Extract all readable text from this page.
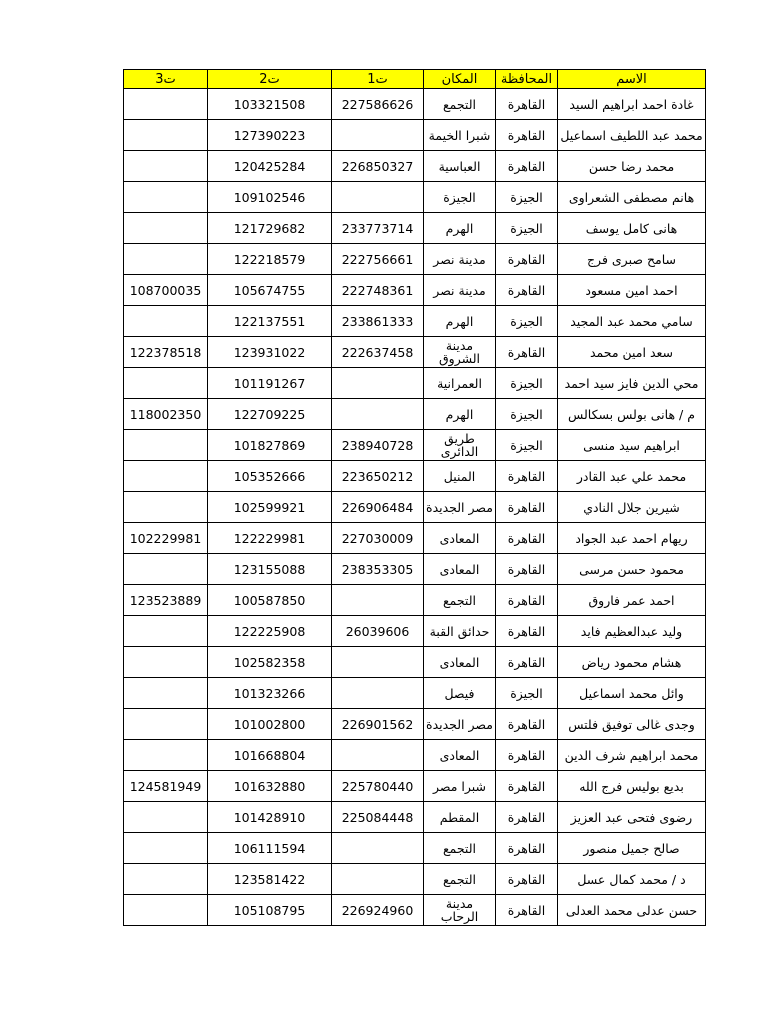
ت3	ت2	ت1	المكان	المحافظة	الاسم
	103321508	227586626	التجمع	القاهرة	غادة احمد ابراهيم السيد
	127390223		شبرا الخيمة	القاهرة	محمد عبد اللطيف اسماعيل
	120425284	226850327	العباسية	القاهرة	محمد رضا حسن
	109102546		الجيزة	الجيزة	هانم مصطفى الشعراوى
	121729682	233773714	الهرم	الجيزة	هانى كامل يوسف
	122218579	222756661	مدينة نصر	القاهرة	سامح صبرى فرج
108700035	105674755	222748361	مدينة نصر	القاهرة	احمد امين مسعود
	122137551	233861333	الهرم	الجيزة	سامي محمد عبد المجيد
122378518	123931022	222637458	مدينة الشروق	القاهرة	سعد امين محمد
	101191267		العمرانية	الجيزة	محي الدين فايز سيد احمد
118002350	122709225		الهرم	الجيزة	م / هانى بولس بسكالس
	101827869	238940728	طريق الدائرى	الجيزة	ابراهيم سيد منسى
	105352666	223650212	المنيل	القاهرة	محمد علي عبد القادر
	102599921	226906484	مصر الجديدة	القاهرة	شيرين جلال النادي
102229981	122229981	227030009	المعادى	القاهرة	ريهام احمد عبد الجواد
	123155088	238353305	المعادى	القاهرة	محمود حسن مرسى
123523889	100587850		التجمع	القاهرة	احمد عمر فاروق
	122225908	26039606	حدائق القبة	القاهرة	وليد عبدالعظيم فايد
	102582358		المعادى	القاهرة	هشام محمود رياض
	101323266		فيصل	الجيزة	وائل محمد اسماعيل
	101002800	226901562	مصر الجديدة	القاهرة	وجدى غالى توفيق فلتس
	101668804		المعادى	القاهرة	محمد ابراهيم شرف الدين
124581949	101632880	225780440	شبرا مصر	القاهرة	بديع بوليس فرج الله
	101428910	225084448	المقطم	القاهرة	رضوى فتحى عبد العزيز
	106111594		التجمع	القاهرة	صالح جميل منصور
	123581422		التجمع	القاهرة	د / محمد كمال عسل
	105108795	226924960	مدينة الرحاب	القاهرة	حسن عدلى محمد العدلى
